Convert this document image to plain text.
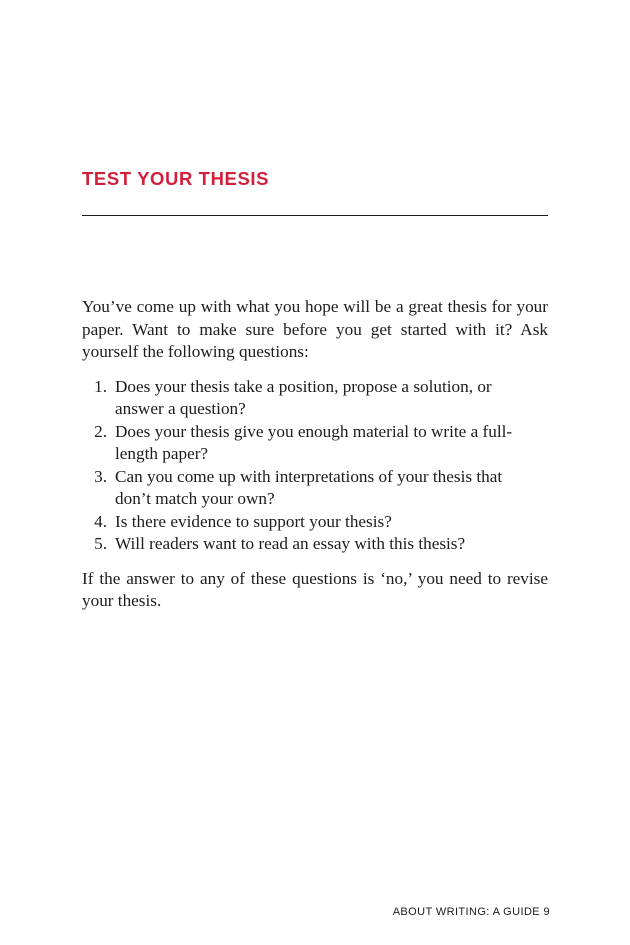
TEST YOUR THESIS

You’ve come up with what you hope will be a great thesis for your paper. Want to make sure before you get started with it? Ask yourself the following questions:

1. Does your thesis take a position, propose a solution, or answer a question?
2. Does your thesis give you enough material to write a full-length paper?
3. Can you come up with interpretations of your thesis that don’t match your own?
4. Is there evidence to support your thesis?
5. Will readers want to read an essay with this thesis?

If the answer to any of these questions is ‘no,’ you need to revise your thesis.

ABOUT WRITING: A GUIDE 9
